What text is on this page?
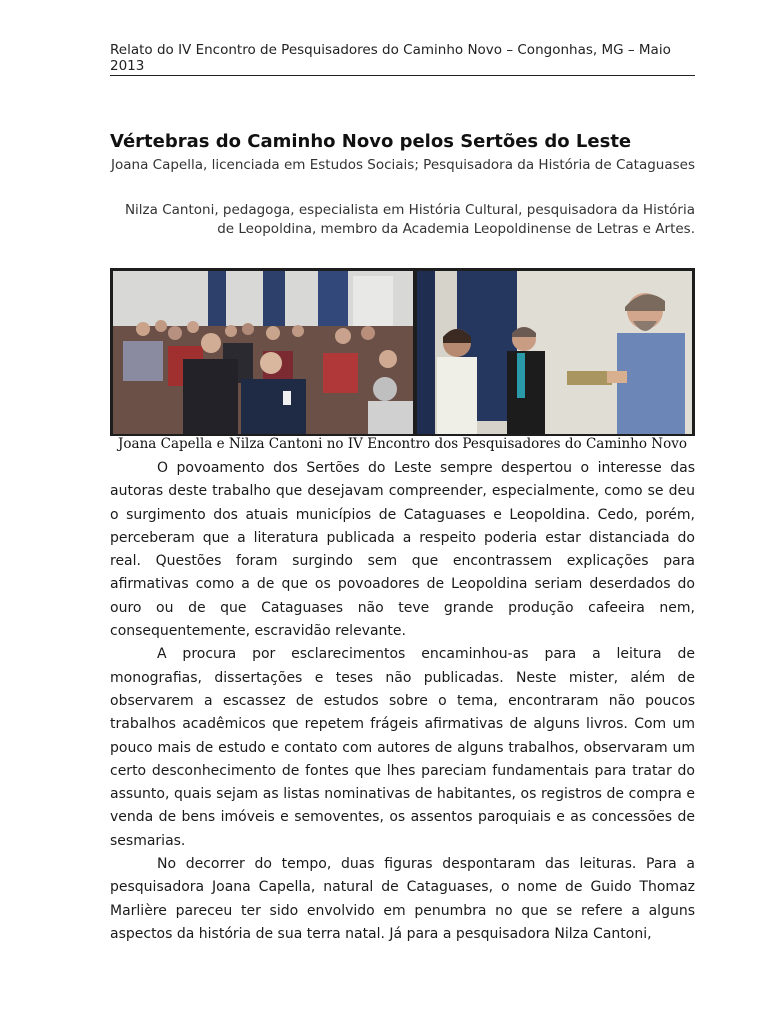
Relato do IV Encontro de Pesquisadores do Caminho Novo – Congonhas, MG – Maio 2013
Vértebras do Caminho Novo pelos Sertões do Leste
Joana Capella, licenciada em Estudos Sociais; Pesquisadora da História de Cataguases
Nilza Cantoni, pedagoga, especialista em História Cultural, pesquisadora da História de Leopoldina, membro da Academia Leopoldinense de Letras e Artes.
Joana Capella e Nilza Cantoni no IV Encontro dos Pesquisadores do Caminho Novo

O povoamento dos Sertões do Leste sempre despertou o interesse das autoras deste trabalho que desejavam compreender, especialmente, como se deu o surgimento dos atuais municípios de Cataguases e Leopoldina. Cedo, porém, perceberam que a literatura publicada a respeito poderia estar distanciada do real. Questões foram surgindo sem que encontrassem explicações para afirmativas como a de que os povoadores de Leopoldina seriam deserdados do ouro ou de que Cataguases não teve grande produção cafeeira nem, consequentemente, escravidão relevante.

A procura por esclarecimentos encaminhou-as para a leitura de monografias, dissertações e teses não publicadas. Neste mister, além de observarem a escassez de estudos sobre o tema, encontraram não poucos trabalhos acadêmicos que repetem frágeis afirmativas de alguns livros. Com um pouco mais de estudo e contato com autores de alguns trabalhos, observaram um certo desconhecimento de fontes que lhes pareciam fundamentais para tratar do assunto, quais sejam as listas nominativas de habitantes, os registros de compra e venda de bens imóveis e semoventes, os assentos paroquiais e as concessões de sesmarias.

No decorrer do tempo, duas figuras despontaram das leituras. Para a pesquisadora Joana Capella, natural de Cataguases, o nome de Guido Thomaz Marlière pareceu ter sido envolvido em penumbra no que se refere a alguns aspectos da história de sua terra natal. Já para a pesquisadora Nilza Cantoni,
